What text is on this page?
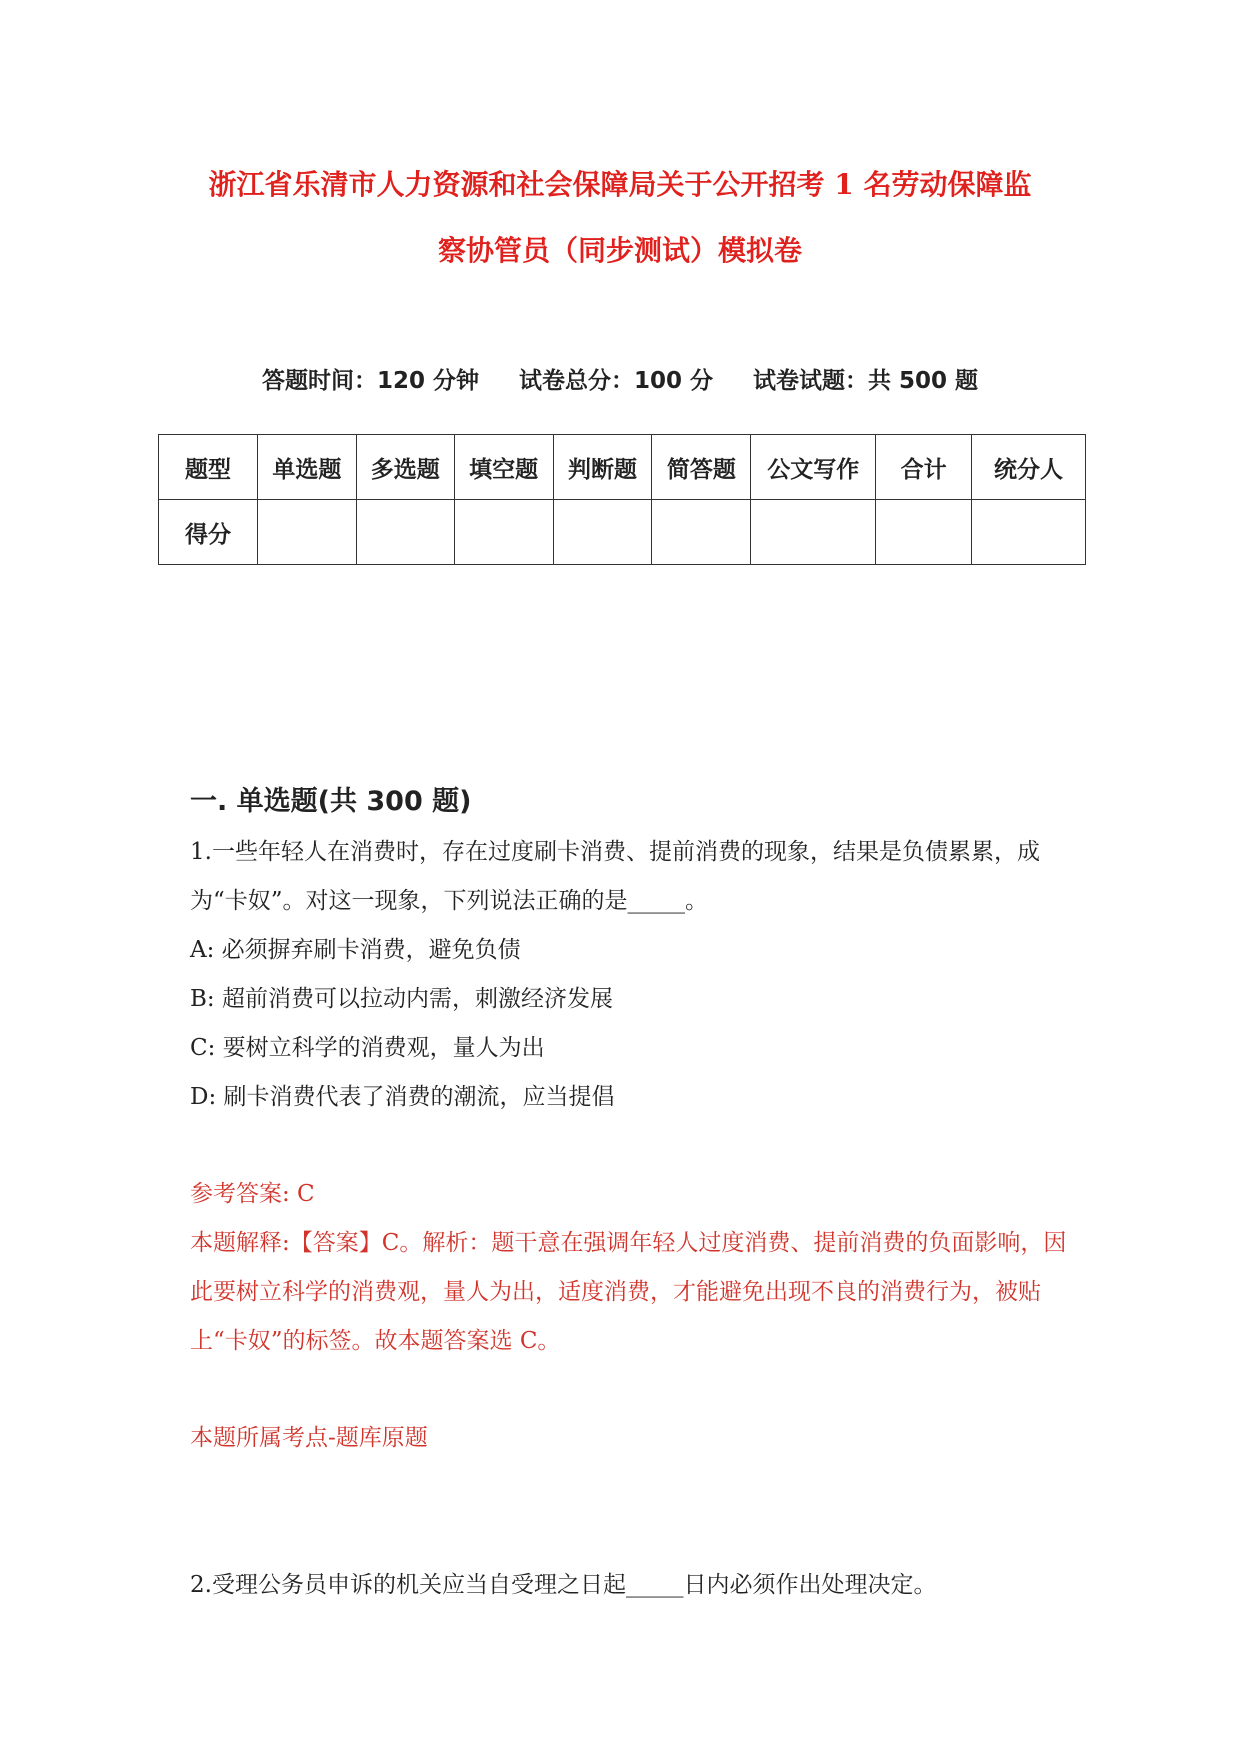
浙江省乐清市人力资源和社会保障局关于公开招考 1 名劳动保障监
察协管员（同步测试）模拟卷
答题时间：120 分钟 试卷总分：100 分 试卷试题：共 500 题
题型	单选题	多选题	填空题	判断题	简答题	公文写作	合计	统分人
得分								
一. 单选题(共 300 题)
1.一些年轻人在消费时，存在过度刷卡消费、提前消费的现象，结果是负债累累，成为“卡奴”。对这一现象，下列说法正确的是_____。
A: 必须摒弃刷卡消费，避免负债
B: 超前消费可以拉动内需，刺激经济发展
C: 要树立科学的消费观，量人为出
D: 刷卡消费代表了消费的潮流，应当提倡
参考答案: C
本题解释:【答案】C。解析：题干意在强调年轻人过度消费、提前消费的负面影响，因此要树立科学的消费观，量人为出，适度消费，才能避免出现不良的消费行为，被贴上“卡奴”的标签。故本题答案选 C。
本题所属考点-题库原题
2.受理公务员申诉的机关应当自受理之日起_____日内必须作出处理决定。
